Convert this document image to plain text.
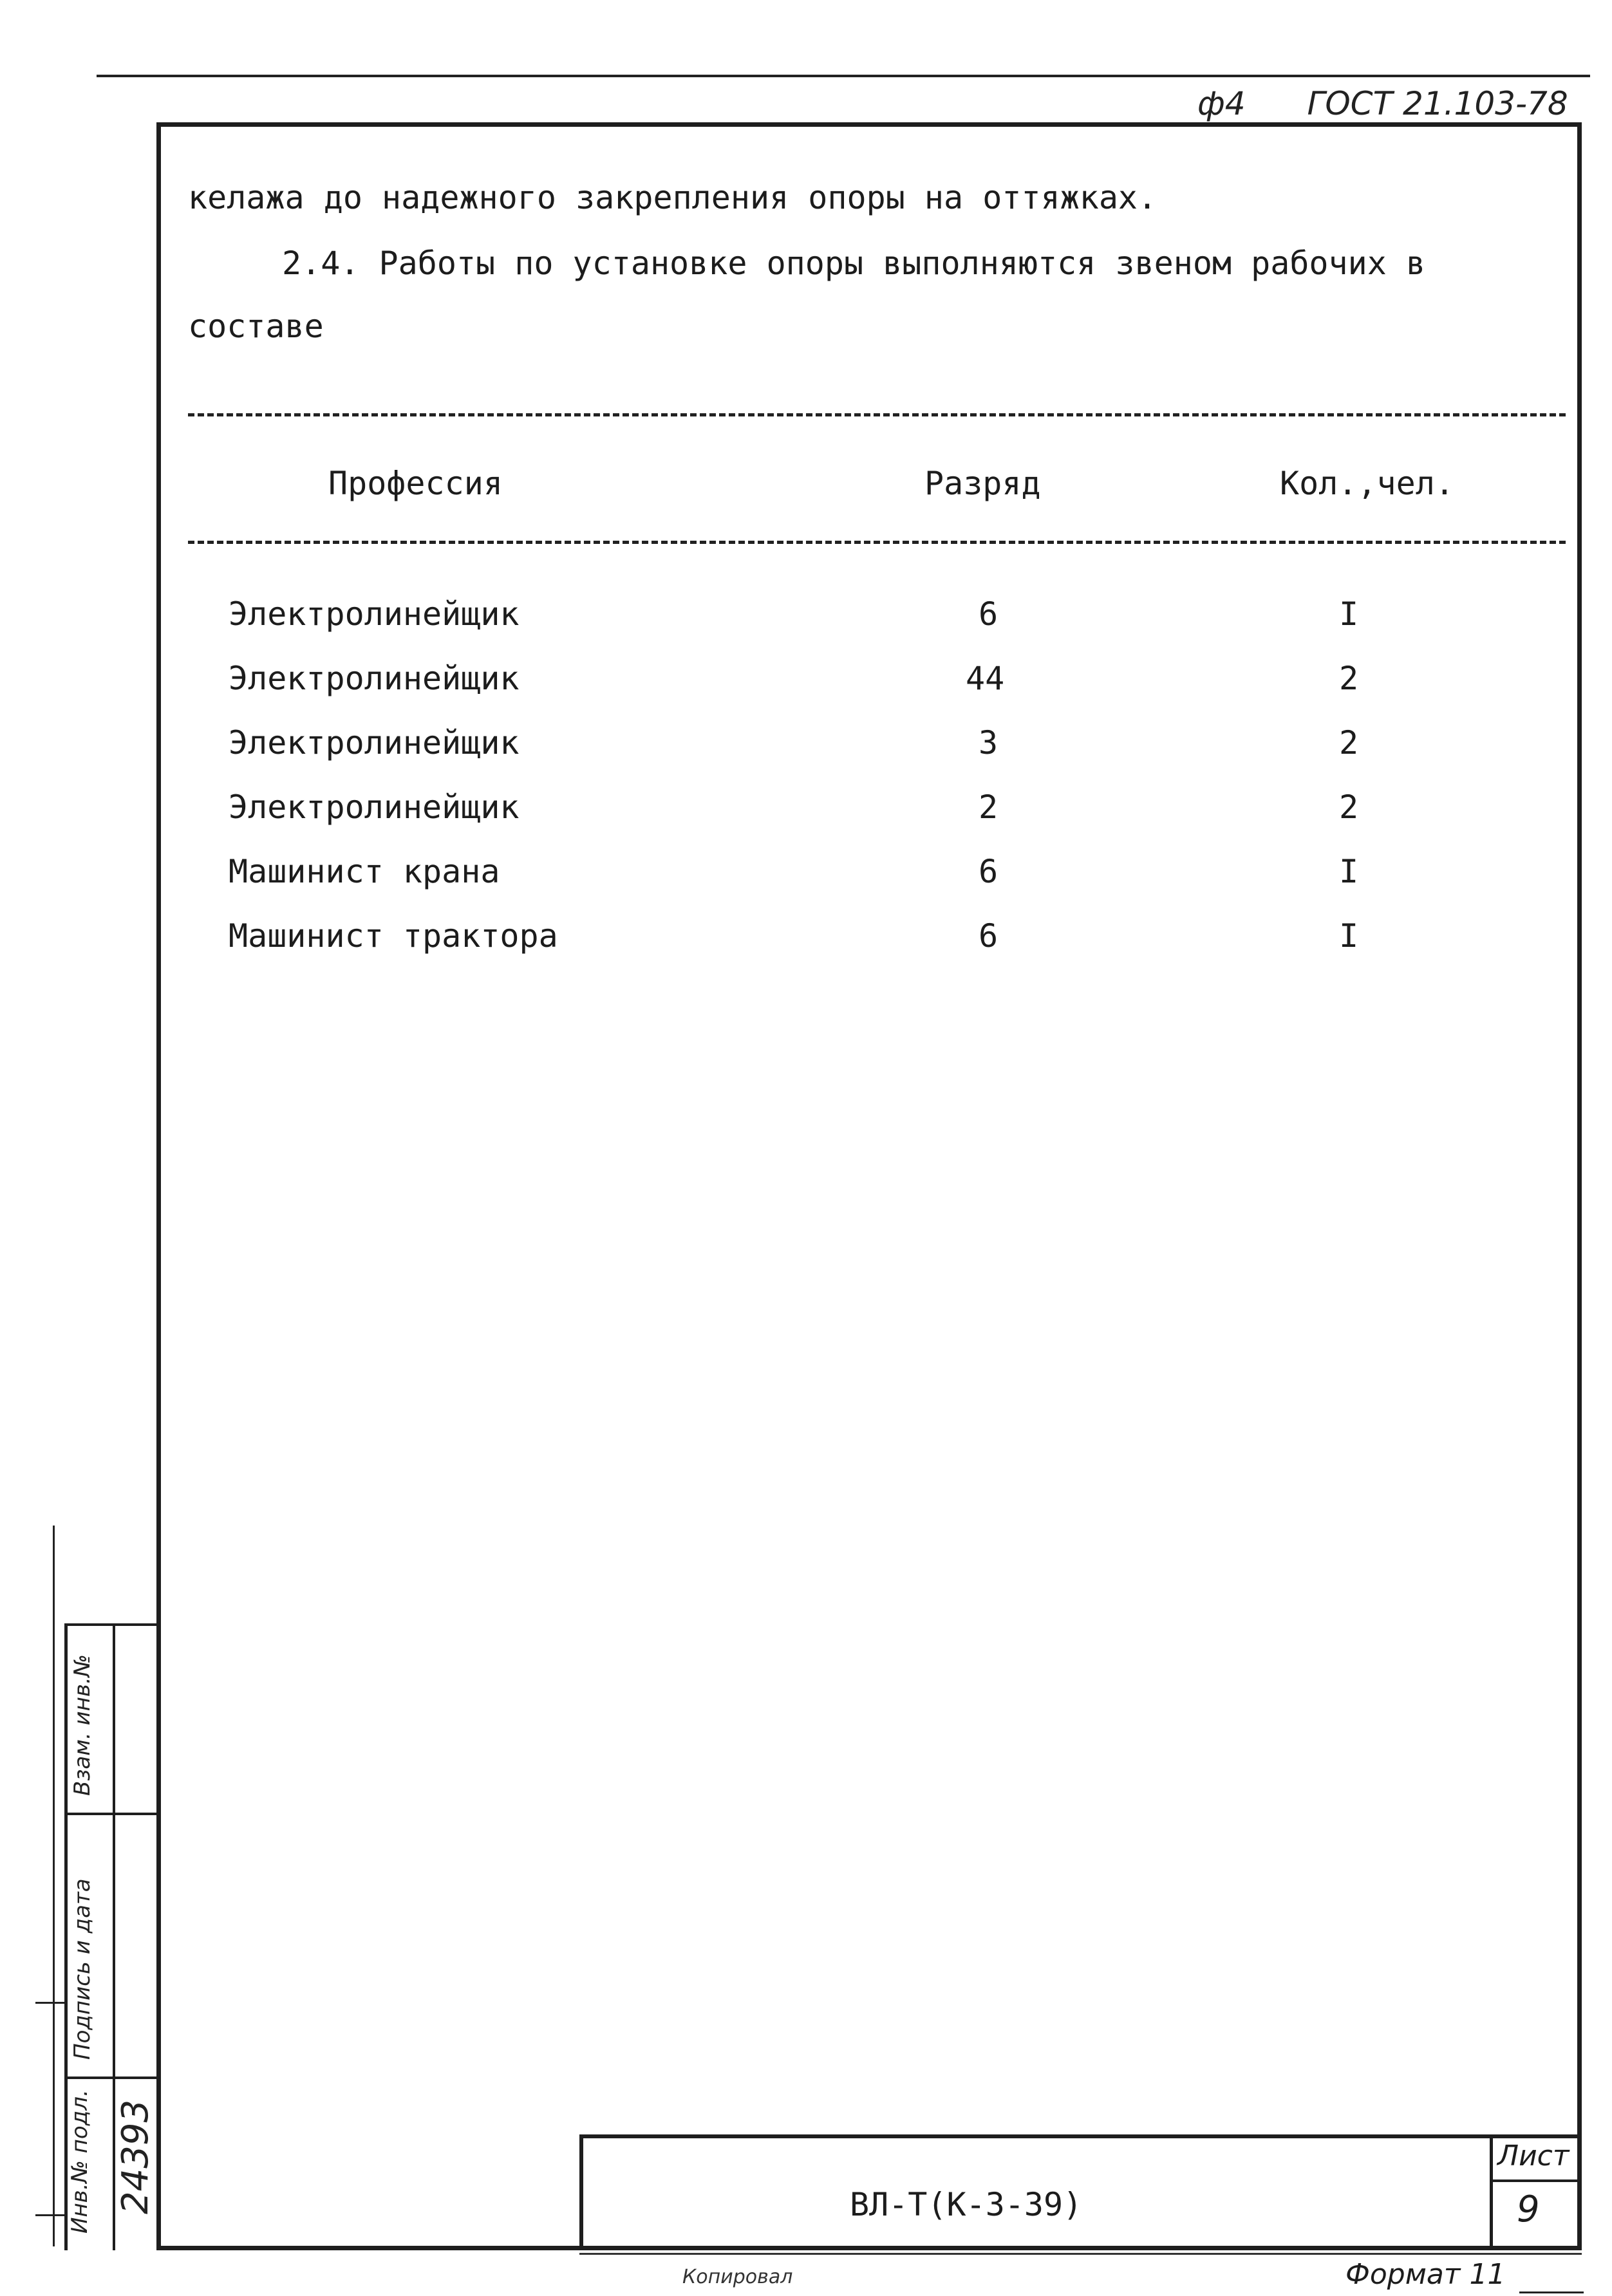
ф4 ГОСТ 21.103-78
келажа до надежного закрепления опоры на оттяжках.
2.4. Работы по установке опоры выполняются звеном рабочих в
составе
Профессия	Разряд	Кол.,чел.
Электролинейщик	6	I
Электролинейщик	44	2
Электролинейщик	3	2
Электролинейщик	2	2
Машинист крана	6	I
Машинист трактора	6	I
Взам. инв.№
Подпись и дата
Инв.№ подл. 24393	ВЛ-Т(К-3-39)
Лист
9
Копировал	Формат 11
